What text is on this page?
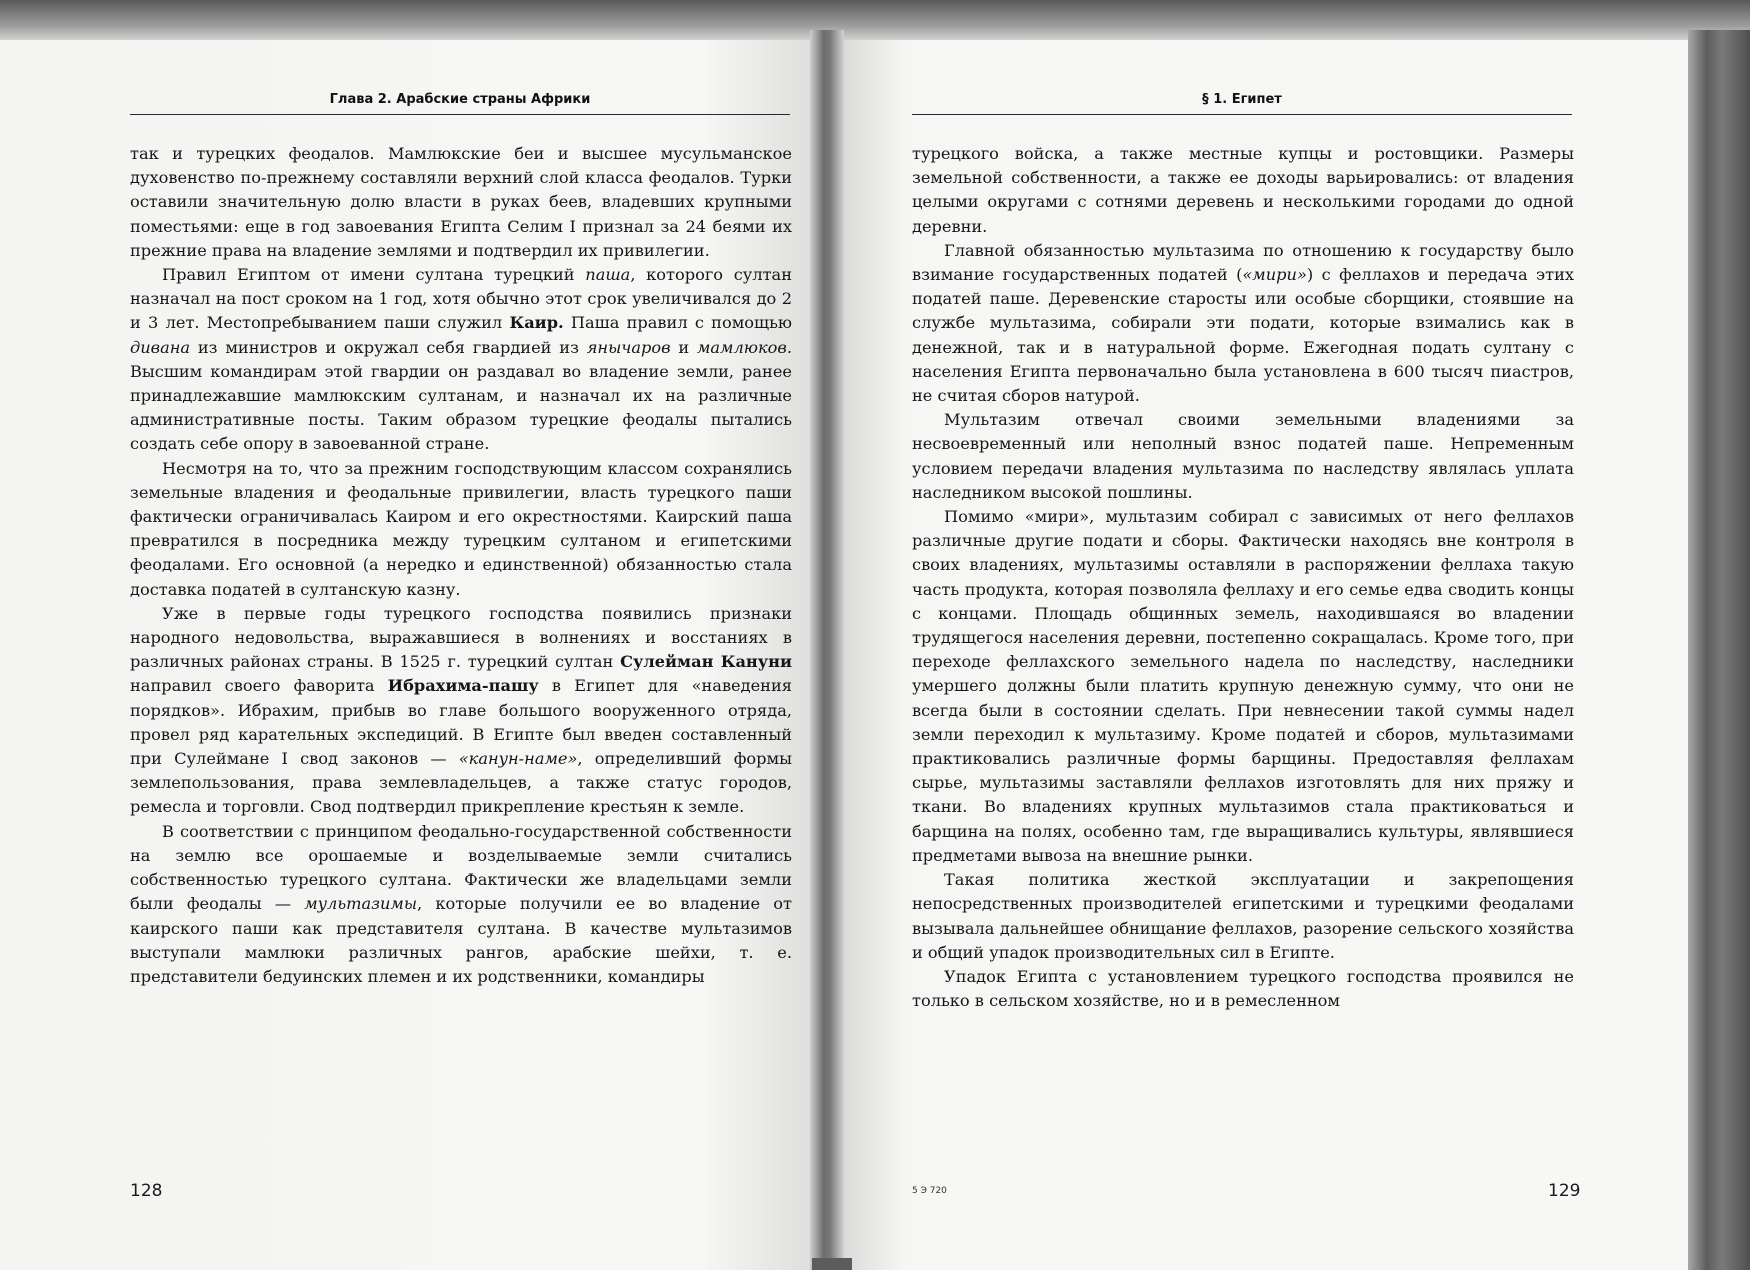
Глава 2. Арабские страны Африки

так и турецких феодалов. Мамлюкские беи и высшее мусульманское духовенство по-прежнему составляли верхний слой класса феодалов. Турки оставили значительную долю власти в руках беев, владевших крупными поместьями: еще в год завоевания Египта Селим I признал за 24 беями их прежние права на владение землями и подтвердил их привилегии.

Правил Египтом от имени султана турецкий паша, которого султан назначал на пост сроком на 1 год, хотя обычно этот срок увеличивался до 2 и 3 лет. Местопребыванием паши служил Каир. Паша правил с помощью дивана из министров и окружал себя гвардией из янычаров и мамлюков. Высшим командирам этой гвардии он раздавал во владение земли, ранее принадлежавшие мамлюкским султанам, и назначал их на различные административные посты. Таким образом турецкие феодалы пытались создать себе опору в завоеванной стране.

Несмотря на то, что за прежним господствующим классом сохранялись земельные владения и феодальные привилегии, власть турецкого паши фактически ограничивалась Каиром и его окрестностями. Каирский паша превратился в посредника между турецким султаном и египетскими феодалами. Его основной (а нередко и единственной) обязанностью стала доставка податей в султанскую казну.

Уже в первые годы турецкого господства появились признаки народного недовольства, выражавшиеся в волнениях и восстаниях в различных районах страны. В 1525 г. турецкий султан Сулейман Кануни направил своего фаворита Ибрахима-пашу в Египет для «наведения порядков». Ибрахим, прибыв во главе большого вооруженного отряда, провел ряд карательных экспедиций. В Египте был введен составленный при Сулеймане I свод законов — «канун-наме», определивший формы землепользования, права землевладельцев, а также статус городов, ремесла и торговли. Свод подтвердил прикрепление крестьян к земле.

В соответствии с принципом феодально-государственной собственности на землю все орошаемые и возделываемые земли считались собственностью турецкого султана. Фактически же владельцами земли были феодалы — мультазимы, которые получили ее во владение от каирского паши как представителя султана. В качестве мультазимов выступали мамлюки различных рангов, арабские шейхи, т. е. представители бедуинских племен и их родственники, командиры

128
§ 1. Египет

турецкого войска, а также местные купцы и ростовщики. Размеры земельной собственности, а также ее доходы варьировались: от владения целыми округами с сотнями деревень и несколькими городами до одной деревни.

Главной обязанностью мультазима по отношению к государству было взимание государственных податей («мири») с феллахов и передача этих податей паше. Деревенские старосты или особые сборщики, стоявшие на службе мультазима, собирали эти подати, которые взимались как в денежной, так и в натуральной форме. Ежегодная подать султану с населения Египта первоначально была установлена в 600 тысяч пиастров, не считая сборов натурой.

Мультазим отвечал своими земельными владениями за несвоевременный или неполный взнос податей паше. Непременным условием передачи владения мультазима по наследству являлась уплата наследником высокой пошлины.

Помимо «мири», мультазим собирал с зависимых от него феллахов различные другие подати и сборы. Фактически находясь вне контроля в своих владениях, мультазимы оставляли в распоряжении феллаха такую часть продукта, которая позволяла феллаху и его семье едва сводить концы с концами. Площадь общинных земель, находившаяся во владении трудящегося населения деревни, постепенно сокращалась. Кроме того, при переходе феллахского земельного надела по наследству, наследники умершего должны были платить крупную денежную сумму, что они не всегда были в состоянии сделать. При невнесении такой суммы надел земли переходил к мультазиму. Кроме податей и сборов, мультазимами практиковались различные формы барщины. Предоставляя феллахам сырье, мультазимы заставляли феллахов изготовлять для них пряжу и ткани. Во владениях крупных мультазимов стала практиковаться и барщина на полях, особенно там, где выращивались культуры, являвшиеся предметами вывоза на внешние рынки.

Такая политика жесткой эксплуатации и закрепощения непосредственных производителей египетскими и турецкими феодалами вызывала дальнейшее обнищание феллахов, разорение сельского хозяйства и общий упадок производительных сил в Египте.

Упадок Египта с установлением турецкого господства проявился не только в сельском хозяйстве, но и в ремесленном

5 Э 720	129
